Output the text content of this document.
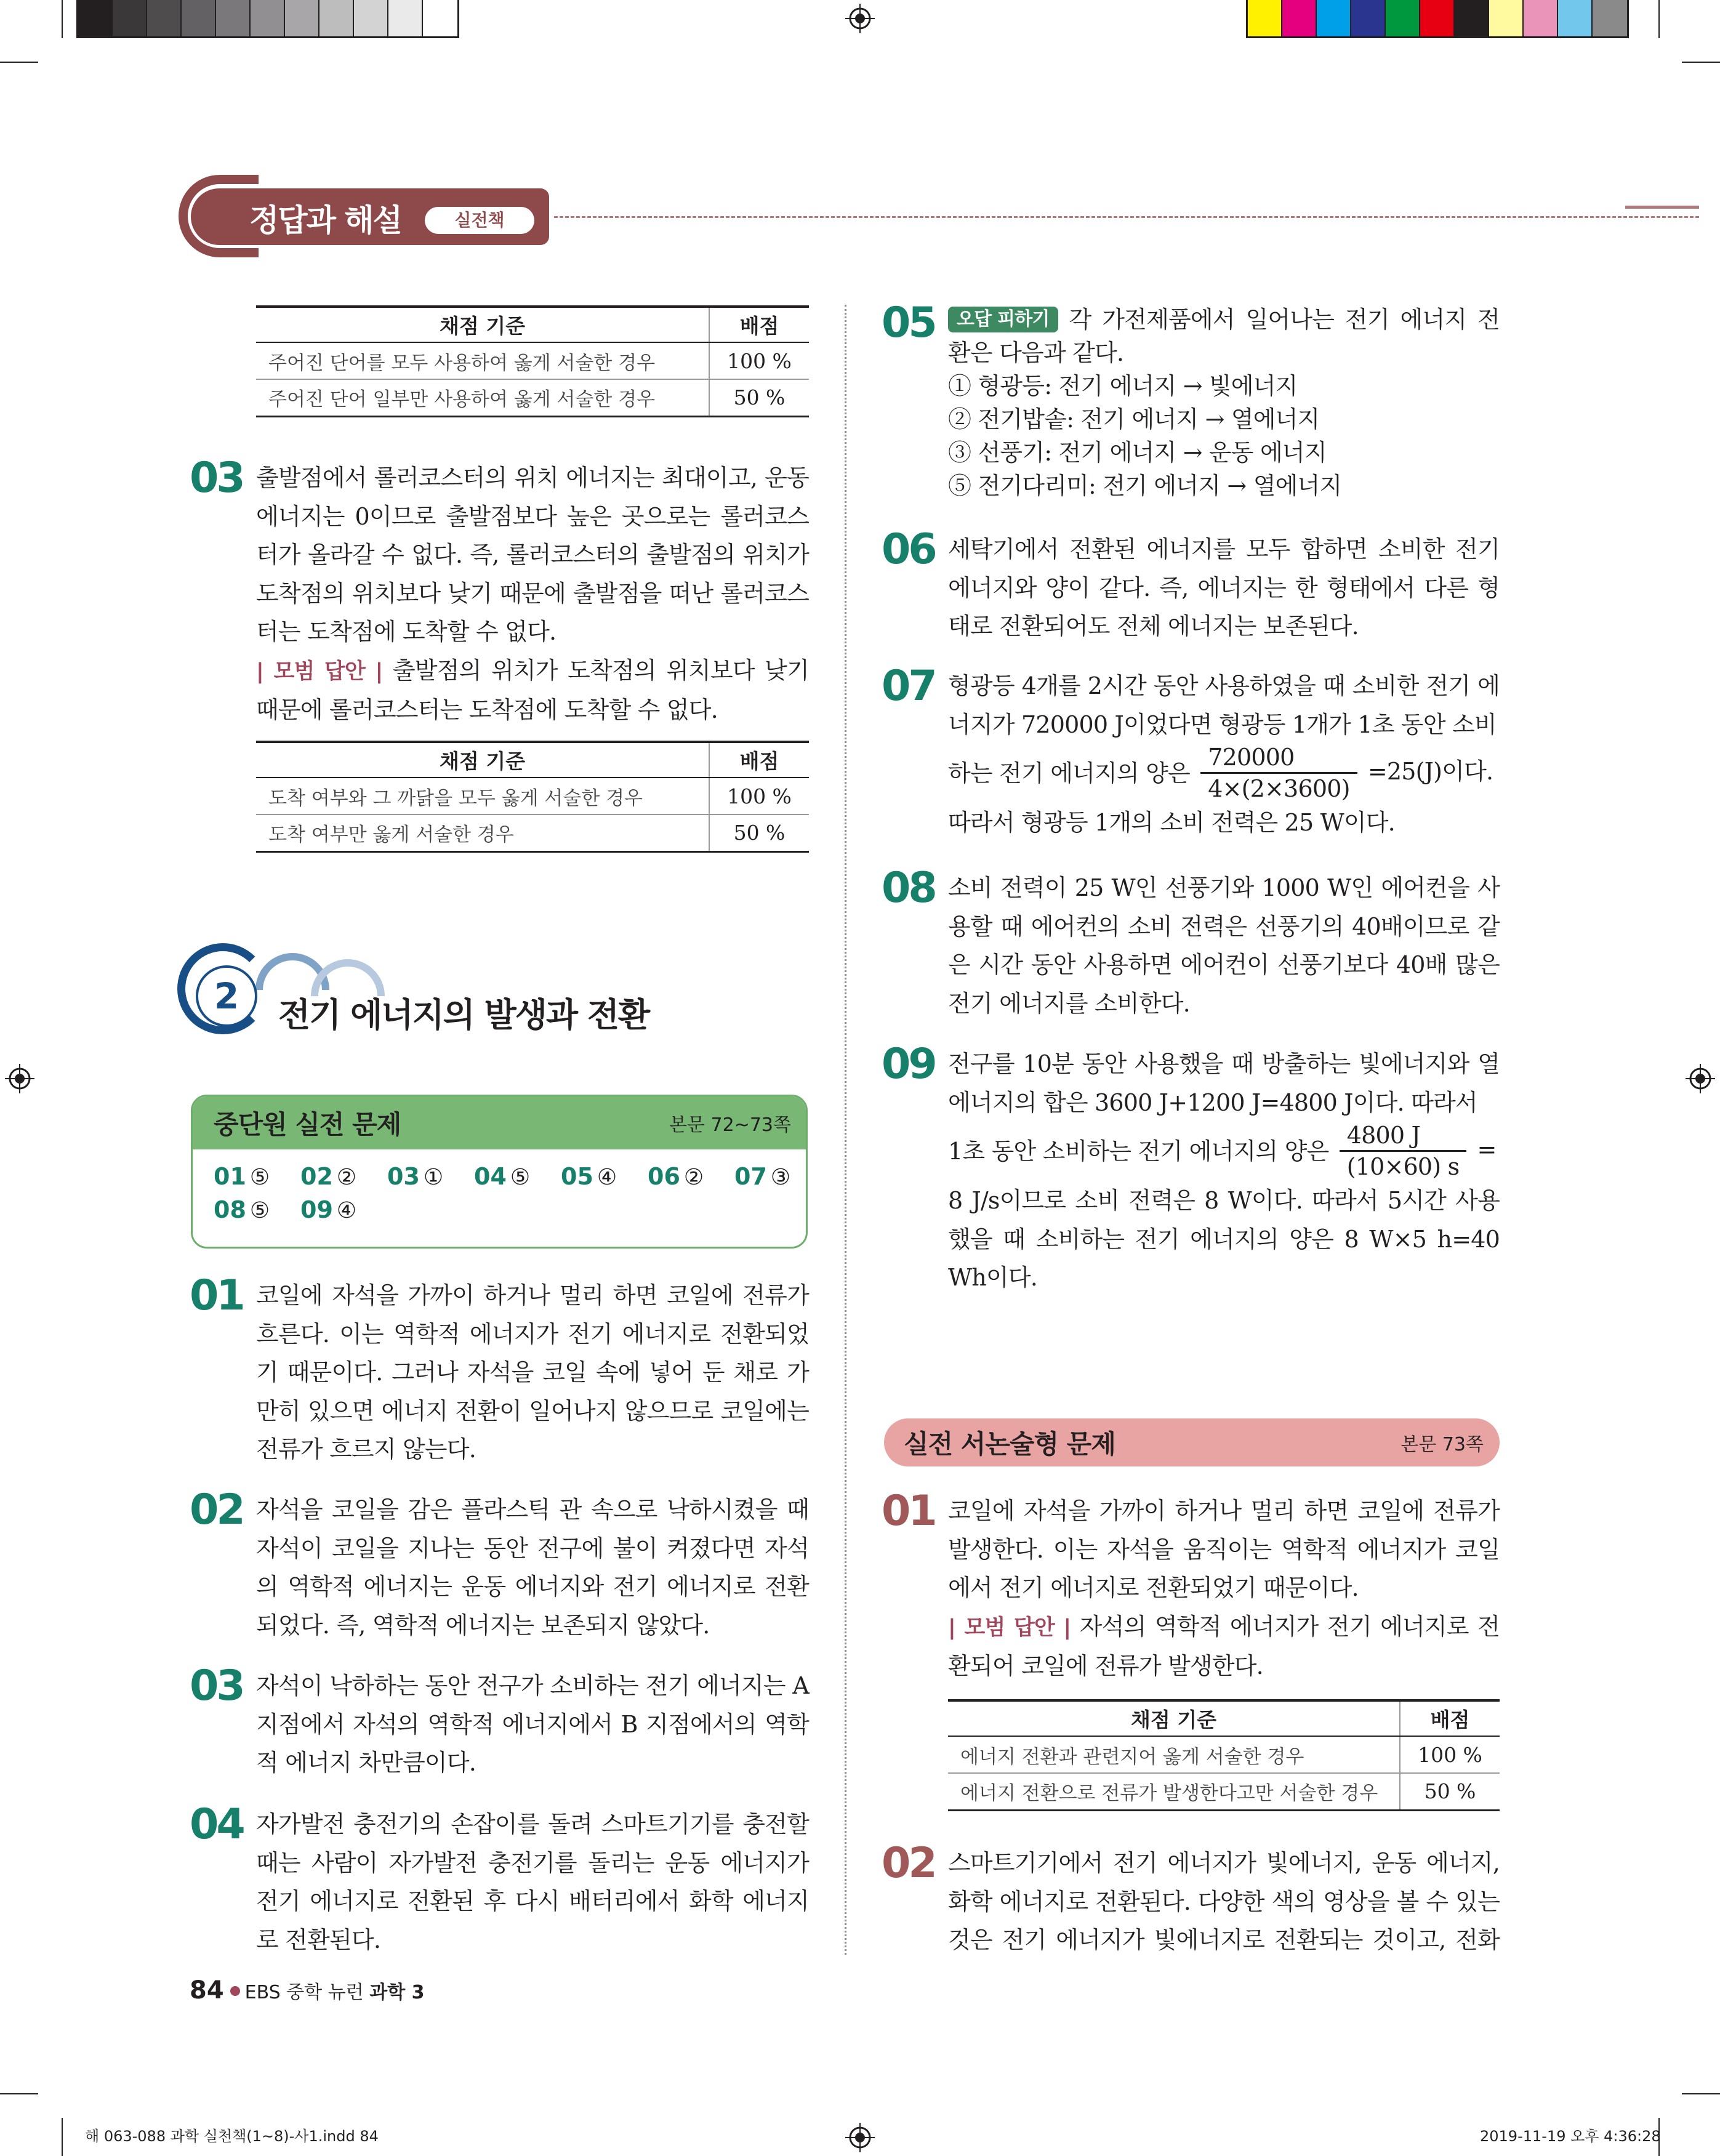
정답과 해설	실전책
채점 기준	배점
주어진 단어를 모두 사용하여 옳게 서술한 경우	100 %
주어진 단어 일부만 사용하여 옳게 서술한 경우	50 %
03 출발점에서 롤러코스터의 위치 에너지는 최대이고, 운동 에너지는 0이므로 출발점보다 높은 곳으로는 롤러코스터가 올라갈 수 없다. 즉, 롤러코스터의 출발점의 위치가 도착점의 위치보다 낮기 때문에 출발점을 떠난 롤러코스터는 도착점에 도착할 수 없다.
| 모범 답안 | 출발점의 위치가 도착점의 위치보다 낮기 때문에 롤러코스터는 도착점에 도착할 수 없다.
채점 기준	배점
도착 여부와 그 까닭을 모두 옳게 서술한 경우	100 %
도착 여부만 옳게 서술한 경우	50 %
2	전기 에너지의 발생과 전환
중단원 실전 문제	본문 72~73쪽
01 ⑤	02 ②	03 ①	04 ⑤	05 ④	06 ②	07 ③
08 ⑤	09 ④
01 코일에 자석을 가까이 하거나 멀리 하면 코일에 전류가 흐른다. 이는 역학적 에너지가 전기 에너지로 전환되었기 때문이다. 그러나 자석을 코일 속에 넣어 둔 채로 가만히 있으면 에너지 전환이 일어나지 않으므로 코일에는 전류가 흐르지 않는다.
02 자석을 코일을 감은 플라스틱 관 속으로 낙하시켰을 때 자석이 코일을 지나는 동안 전구에 불이 켜졌다면 자석의 역학적 에너지는 운동 에너지와 전기 에너지로 전환되었다. 즉, 역학적 에너지는 보존되지 않았다.
03 자석이 낙하하는 동안 전구가 소비하는 전기 에너지는 A 지점에서 자석의 역학적 에너지에서 B 지점에서의 역학적 에너지 차만큼이다.
04 자가발전 충전기의 손잡이를 돌려 스마트기기를 충전할 때는 사람이 자가발전 충전기를 돌리는 운동 에너지가 전기 에너지로 전환된 후 다시 배터리에서 화학 에너지로 전환된다.
05	오답 피하기 각 가전제품에서 일어나는 전기 에너지 전환은 다음과 같다.
① 형광등: 전기 에너지 → 빛에너지
② 전기밥솥: 전기 에너지 → 열에너지
③ 선풍기: 전기 에너지 → 운동 에너지
⑤ 전기다리미: 전기 에너지 → 열에너지
06 세탁기에서 전환된 에너지를 모두 합하면 소비한 전기 에너지와 양이 같다. 즉, 에너지는 한 형태에서 다른 형태로 전환되어도 전체 에너지는 보존된다.
07 형광등 4개를 2시간 동안 사용하였을 때 소비한 전기 에너지가 720000 J이었다면 형광등 1개가 1초 동안 소비
하는 전기 에너지의 양은 $\frac{720000}{4\times(2\times 3600)} =25(J)$이다.
따라서 형광등 1개의 소비 전력은 25 W이다.
08 소비 전력이 25 W인 선풍기와 1000 W인 에어컨을 사용할 때 에어컨의 소비 전력은 선풍기의 40배이므로 같은 시간 동안 사용하면 에어컨이 선풍기보다 40배 많은 전기 에너지를 소비한다.
09 전구를 10분 동안 사용했을 때 방출하는 빛에너지와 열에너지의 합은 3600 J+1200 J=4800 J이다. 따라서
1초 동안 소비하는 전기 에너지의 양은 $\frac{4800 J}{(10\times 60) s}$ =
8 J/s이므로 소비 전력은 8 W이다. 따라서 5시간 사용했을 때 소비하는 전기 에너지의 양은 8 W×5 h=40 Wh이다.
실전 서논술형 문제	본문 73쪽
01 코일에 자석을 가까이 하거나 멀리 하면 코일에 전류가 발생한다. 이는 자석을 움직이는 역학적 에너지가 코일에서 전기 에너지로 전환되었기 때문이다.
| 모범 답안 | 자석의 역학적 에너지가 전기 에너지로 전환되어 코일에 전류가 발생한다.
채점 기준	배점
에너지 전환과 관련지어 옳게 서술한 경우	100 %
에너지 전환으로 전류가 발생한다고만 서술한 경우	50 %
02 스마트기기에서 전기 에너지가 빛에너지, 운동 에너지, 화학 에너지로 전환된다. 다양한 색의 영상을 볼 수 있는 것은 전기 에너지가 빛에너지로 전환되는 것이고, 전화
84 EBS 중학 뉴런 과학 3
해 063-088 과학 실천책(1~8)-사1.indd 84	2019-11-19 오후 4:36:28
